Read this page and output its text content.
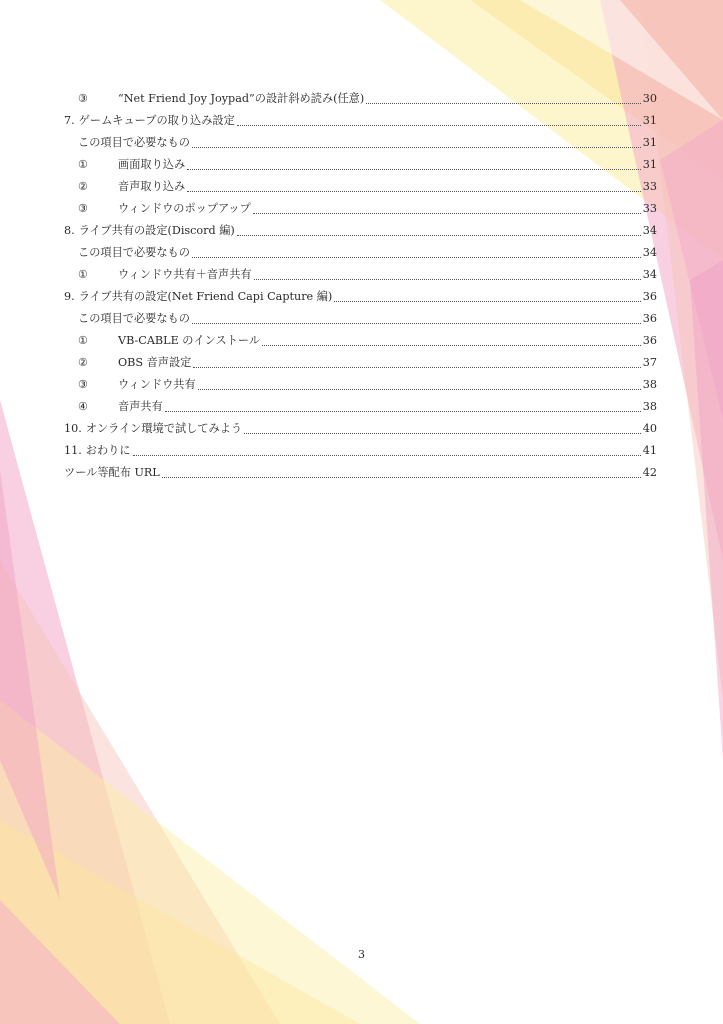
③	“Net Friend Joy Joypad”の設計斜め読み(任意)	30
7. ゲームキューブの取り込み設定	31
この項目で必要なもの	31
①	画面取り込み	31
②	音声取り込み	33
③	ウィンドウのポップアップ	33
8. ライブ共有の設定(Discord 編)	34
この項目で必要なもの	34
①	ウィンドウ共有＋音声共有	34
9. ライブ共有の設定(Net Friend Capi Capture 編)	36
この項目で必要なもの	36
①	VB-CABLE のインストール	36
②	OBS 音声設定	37
③	ウィンドウ共有	38
④	音声共有	38
10. オンライン環境で試してみよう	40
11. おわりに	41
ツール等配布 URL	42
3
